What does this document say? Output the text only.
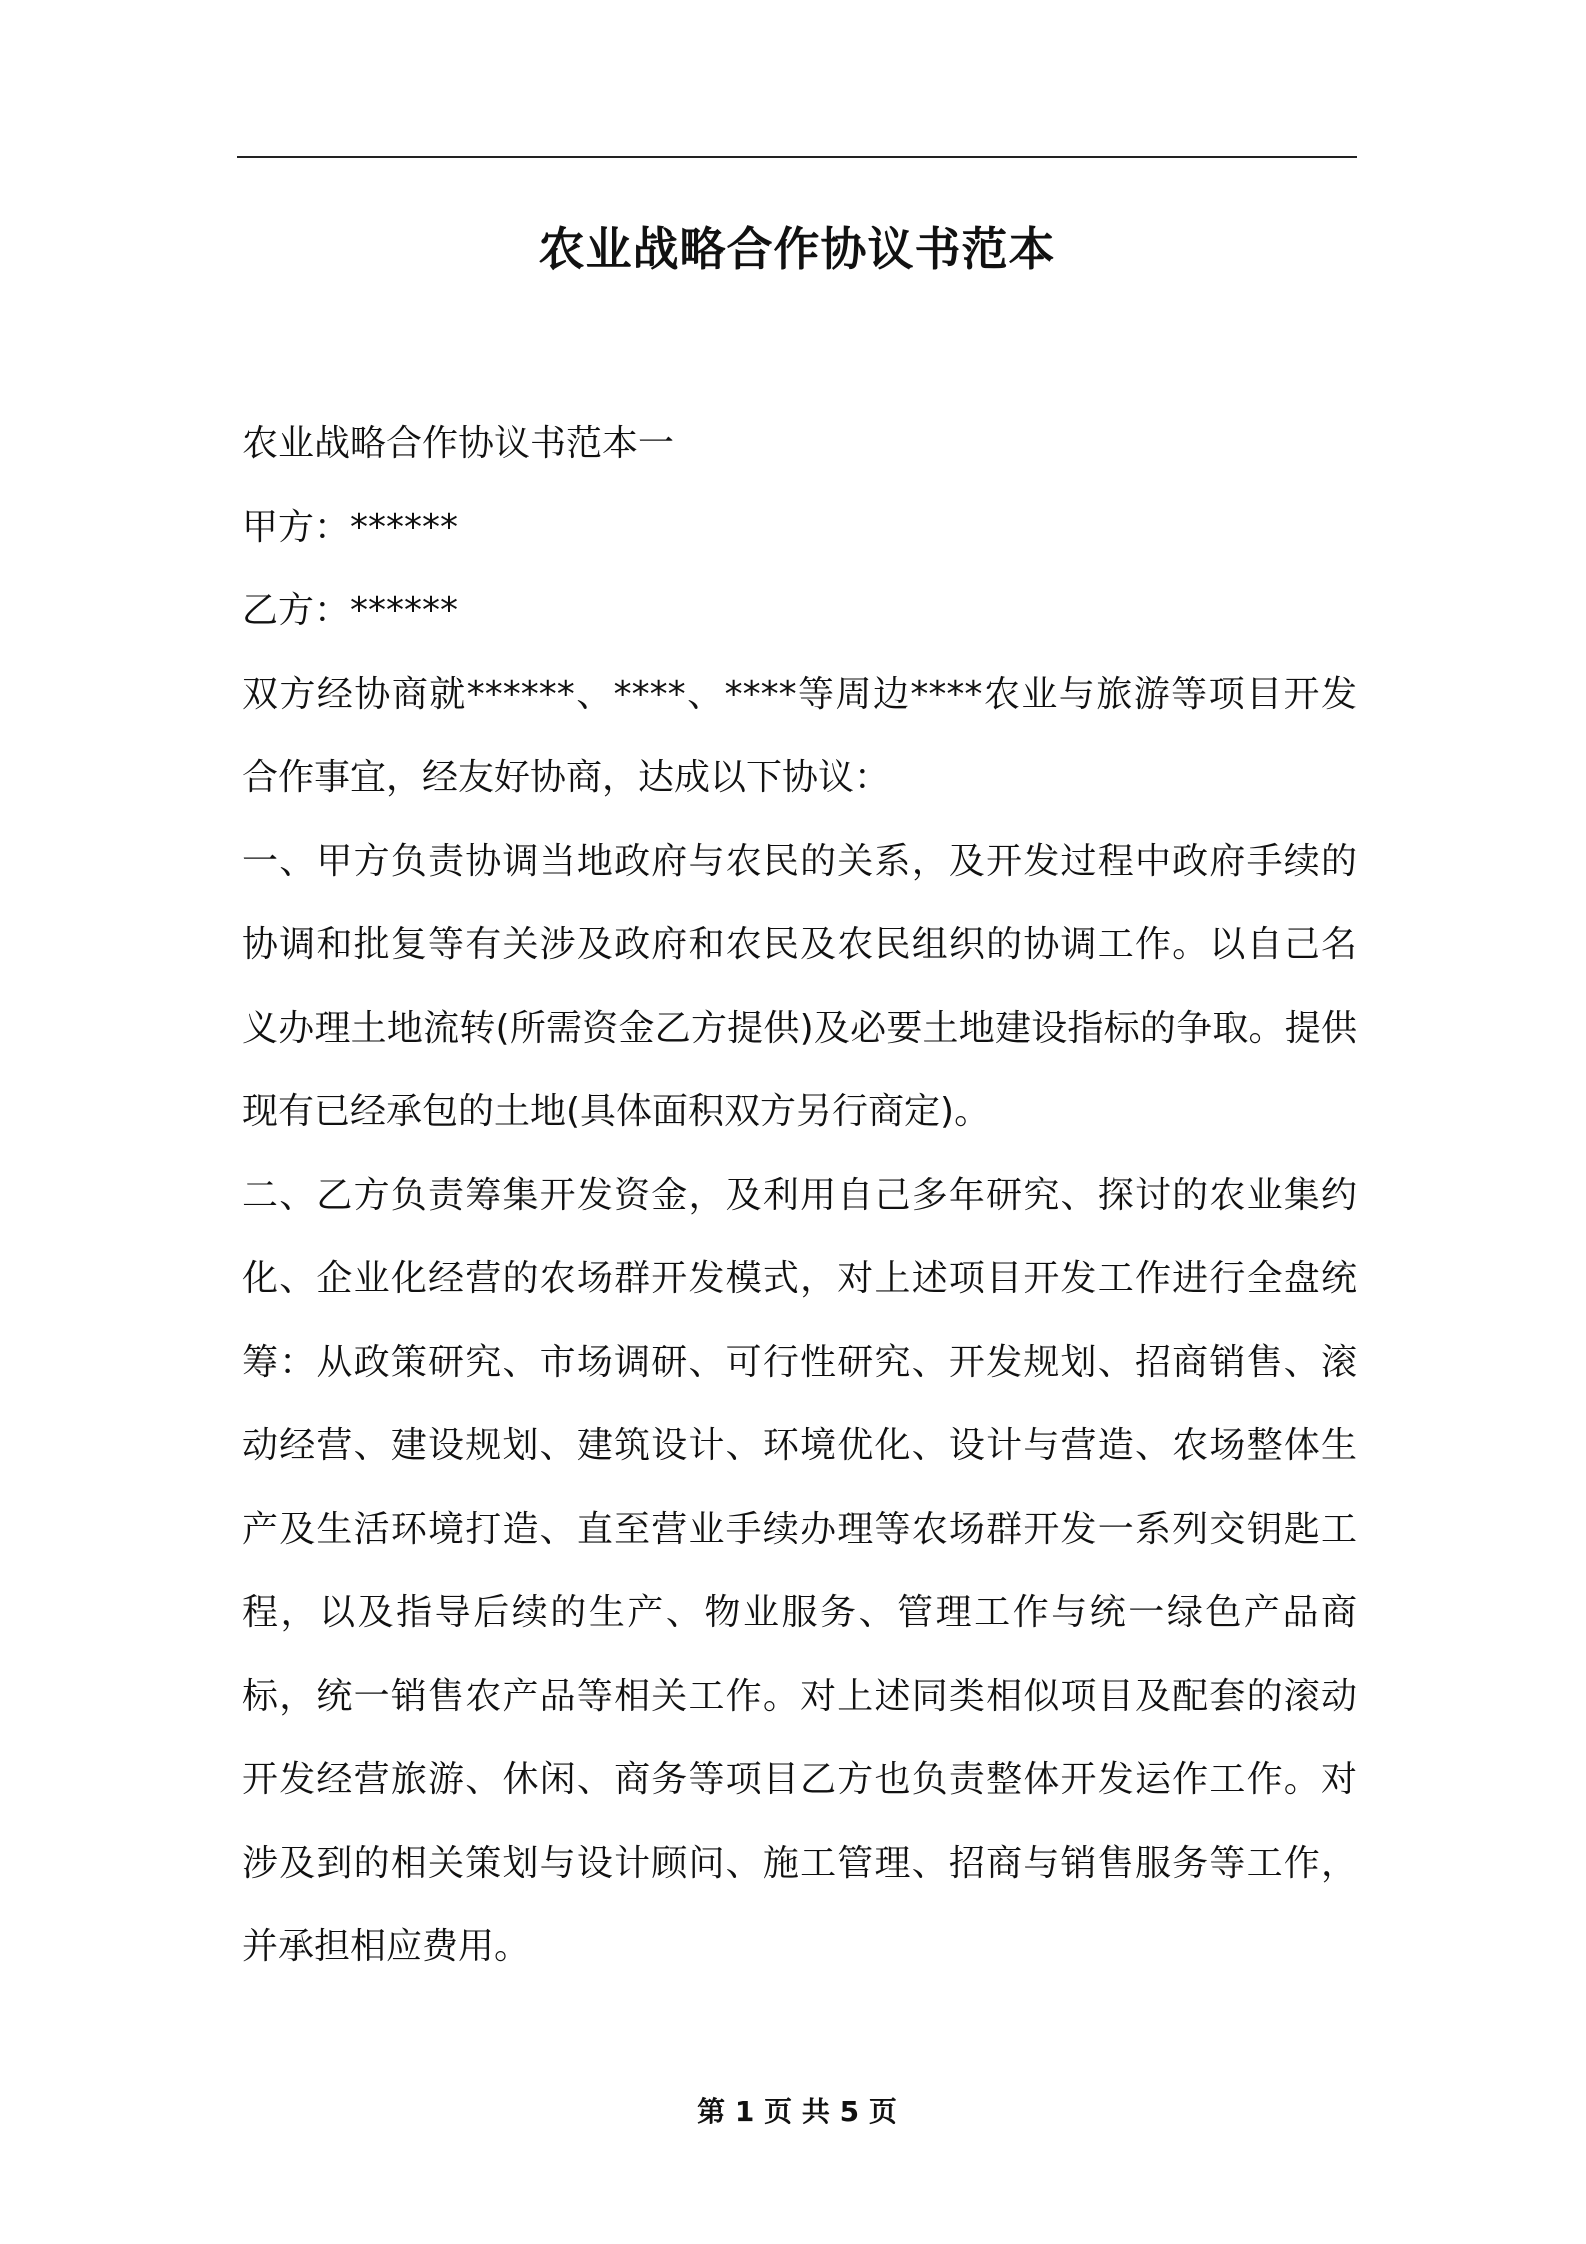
农业战略合作协议书范本

农业战略合作协议书范本一

甲方：******

乙方：******

双方经协商就******、****、****等周边****农业与旅游等项目开发合作事宜，经友好协商，达成以下协议：

一、甲方负责协调当地政府与农民的关系，及开发过程中政府手续的协调和批复等有关涉及政府和农民及农民组织的协调工作。以自己名义办理土地流转(所需资金乙方提供)及必要土地建设指标的争取。提供现有已经承包的土地(具体面积双方另行商定)。

二、乙方负责筹集开发资金，及利用自己多年研究、探讨的农业集约化、企业化经营的农场群开发模式，对上述项目开发工作进行全盘统筹：从政策研究、市场调研、可行性研究、开发规划、招商销售、滚动经营、建设规划、建筑设计、环境优化、设计与营造、农场整体生产及生活环境打造、直至营业手续办理等农场群开发一系列交钥匙工程，以及指导后续的生产、物业服务、管理工作与统一绿色产品商标，统一销售农产品等相关工作。对上述同类相似项目及配套的滚动开发经营旅游、休闲、商务等项目乙方也负责整体开发运作工作。对涉及到的相关策划与设计顾问、施工管理、招商与销售服务等工作，并承担相应费用。

第 1 页 共 5 页
